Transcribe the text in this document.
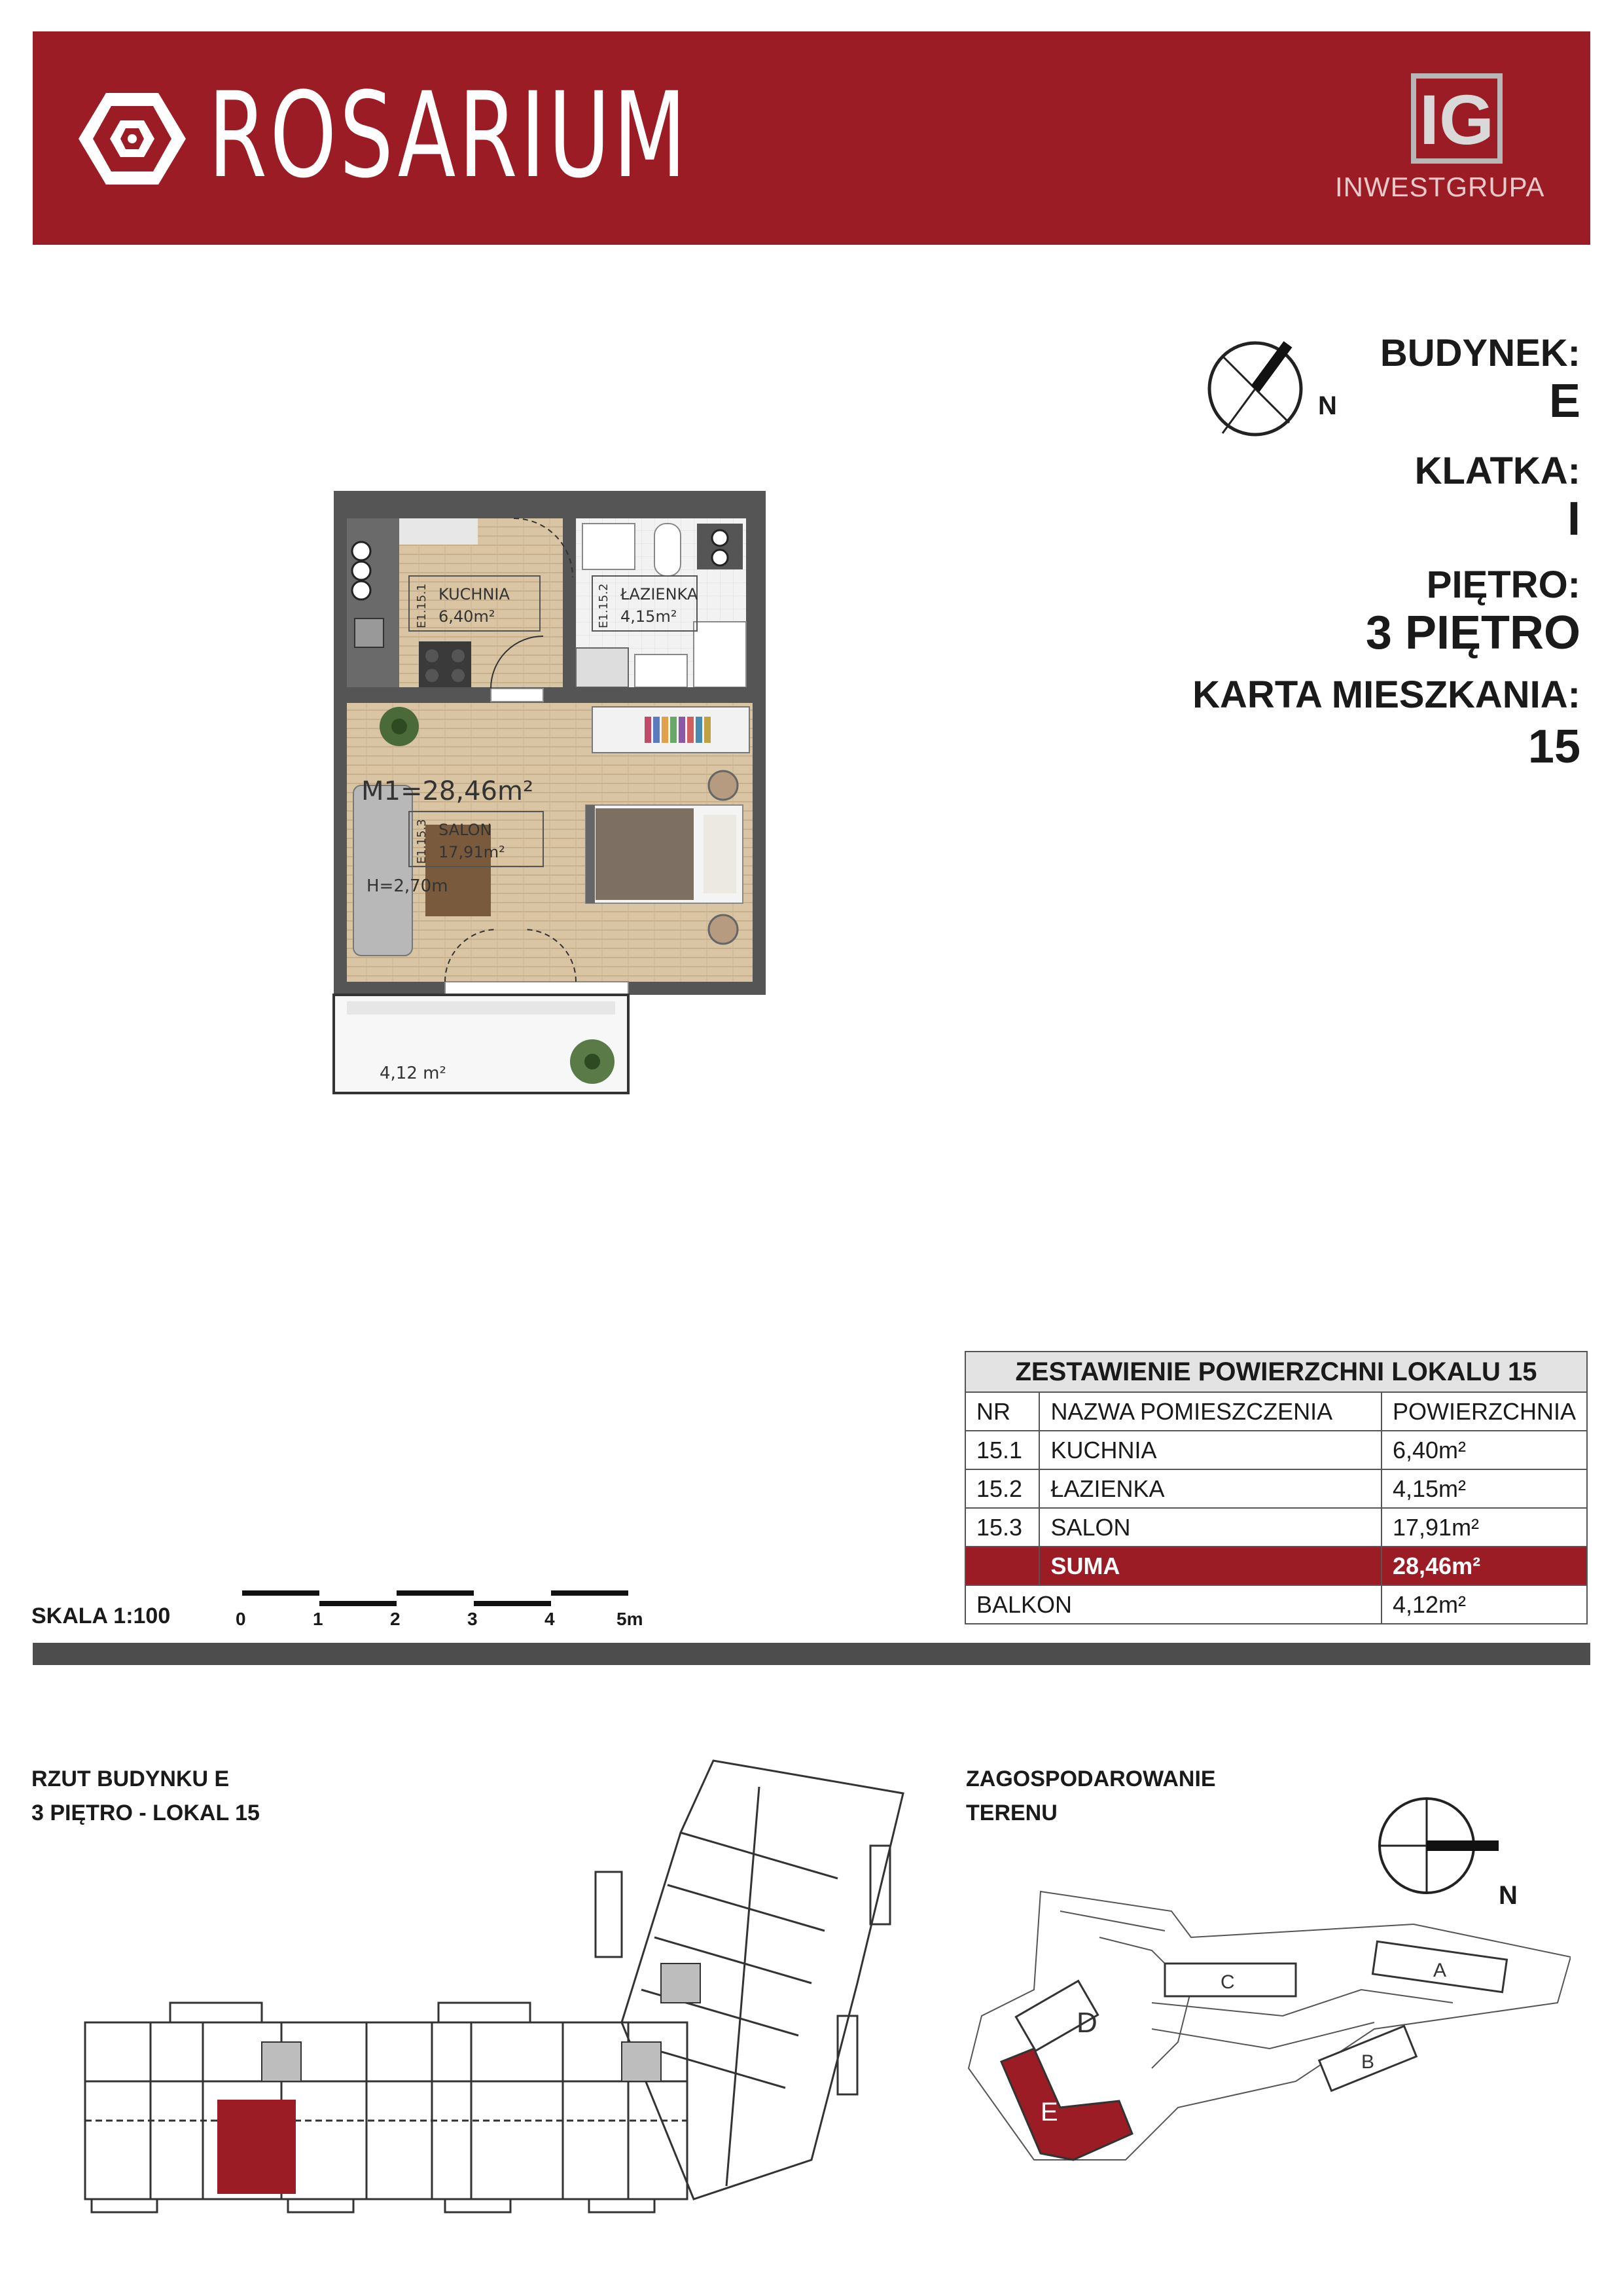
ROSARIUM	IG
INWESTGRUPA
N
BUDYNEK:
E
KLATKA:
I
PIĘTRO:
3 PIĘTRO
KARTA MIESZKANIA:
15
M1=28,46m²
H=2,70m
4,12 m²
KUCHNIA
6,40m²
E1.15.1	ŁAZIENKA
4,15m²
E1.15.2
SALON
17,91m²
E1.15.3
ZESTAWIENIE POWIERZCHNI LOKALU 15		
NR	NAZWA POMIESZCZENIA	POWIERZCHNIA
15.1	KUCHNIA	6,40m²
15.2	ŁAZIENKA	4,15m²
15.3	SALON	17,91m²
	SUMA	28,46m²
BALKON		4,12m²
SKALA 1:100	0	1	2	3	4	5m
RZUT BUDYNKU E
3 PIĘTRO - LOKAL 15
ZAGOSPODAROWANIE
TERENU
N
C
A
B
D
E
